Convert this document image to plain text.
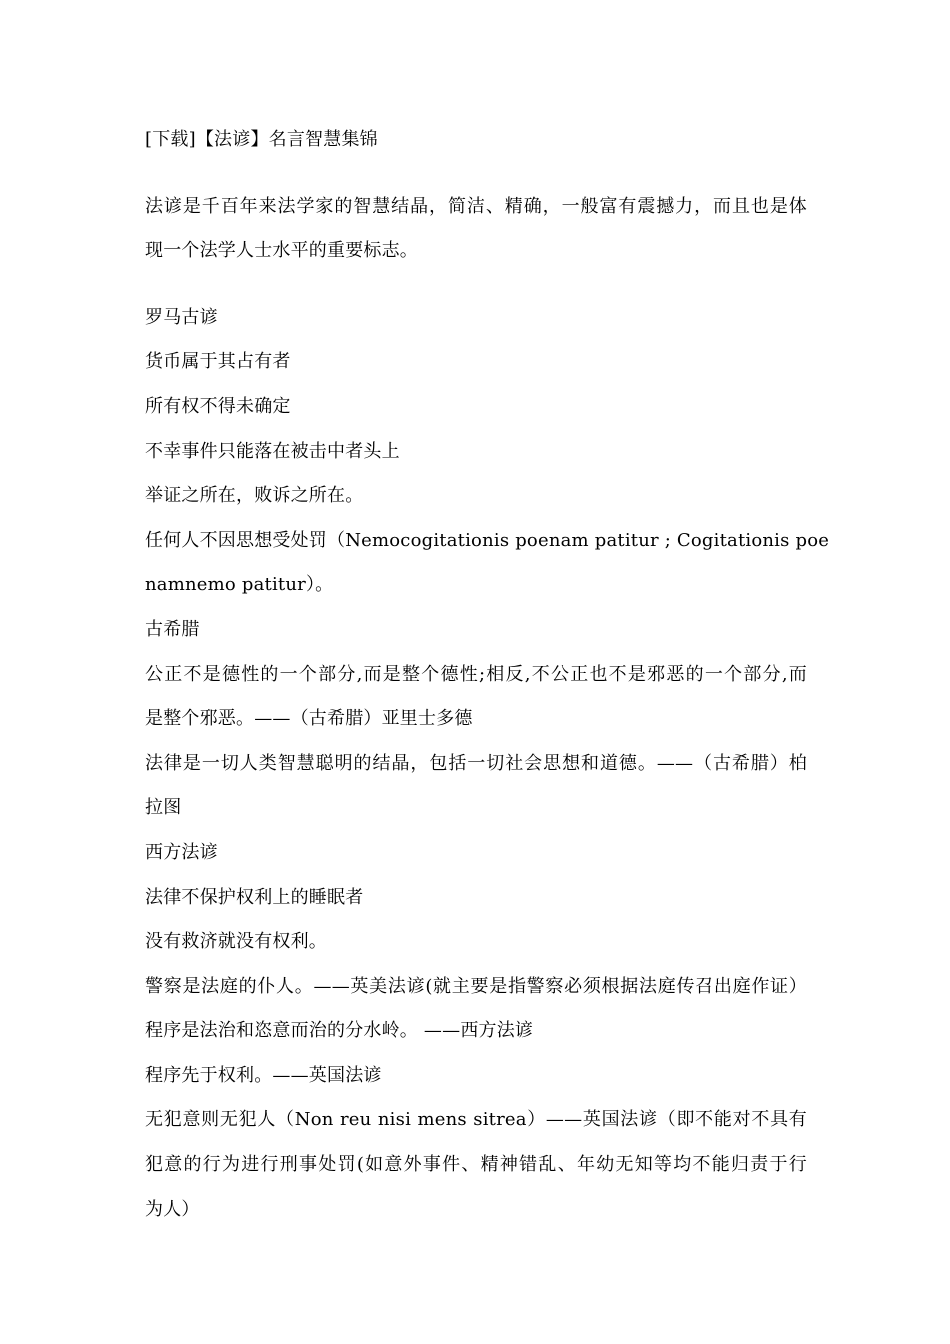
[下载]【法谚】名言智慧集锦
法谚是千百年来法学家的智慧结晶，简洁、精确，一般富有震撼力，而且也是体
现一个法学人士水平的重要标志。
罗马古谚
货币属于其占有者
所有权不得未确定
不幸事件只能落在被击中者头上
举证之所在，败诉之所在。
任何人不因思想受处罚（Nemocogitationis poenam patitur ; Cogitationis poe
namnemo patitur）。
古希腊
公正不是德性的一个部分,而是整个德性;相反,不公正也不是邪恶的一个部分,而
是整个邪恶。——（古希腊）亚里士多德
法律是一切人类智慧聪明的结晶，包括一切社会思想和道德。——（古希腊）柏
拉图
西方法谚
法律不保护权利上的睡眠者
没有救济就没有权利。
警察是法庭的仆人。——英美法谚(就主要是指警察必须根据法庭传召出庭作证）
程序是法治和恣意而治的分水岭。 ——西方法谚
程序先于权利。——英国法谚
无犯意则无犯人（Non reu nisi mens sitrea）——英国法谚（即不能对不具有
犯意的行为进行刑事处罚(如意外事件、精神错乱、年幼无知等均不能归责于行
为人）
